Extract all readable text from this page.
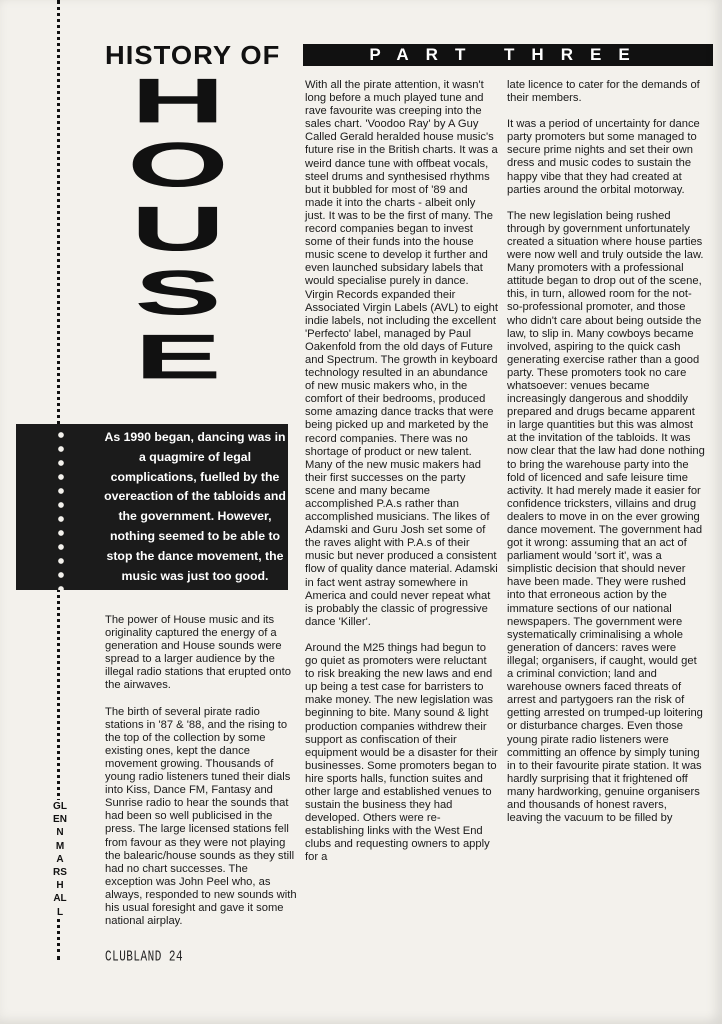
GLENN MARSHALL
HISTORY OF	PART THREE
H
O
U
S
E
As 1990 began, dancing was in a quagmire of legal complications, fuelled by the overeaction of the tabloids and the government. However, nothing seemed to be able to stop the dance movement, the music was just too good.

The power of House music and its originality captured the energy of a generation and House sounds were spread to a larger audience by the illegal radio stations that erupted onto the airwaves.

The birth of several pirate radio stations in '87 & '88, and the rising to the top of the collection by some existing ones, kept the dance movement growing. Thousands of young radio listeners tuned their dials into Kiss, Dance FM, Fantasy and Sunrise radio to hear the sounds that had been so well publicised in the press. The large licensed stations fell from favour as they were not playing the balearic/house sounds as they still had no chart successes. The exception was John Peel who, as always, responded to new sounds with his usual foresight and gave it some national airplay.

With all the pirate attention, it wasn't long before a much played tune and rave favourite was creeping into the sales chart. 'Voodoo Ray' by A Guy Called Gerald heralded house music's future rise in the British charts. It was a weird dance tune with offbeat vocals, steel drums and synthesised rhythms but it bubbled for most of '89 and made it into the charts - albeit only just. It was to be the first of many. The record companies began to invest some of their funds into the house music scene to develop it further and even launched subsidary labels that would specialise purely in dance. Virgin Records expanded their Associated Virgin Labels (AVL) to eight indie labels, not including the excellent 'Perfecto' label, managed by Paul Oakenfold from the old days of Future and Spectrum. The growth in keyboard technology resulted in an abundance of new music makers who, in the comfort of their bedrooms, produced some amazing dance tracks that were being picked up and marketed by the record companies. There was no shortage of product or new talent. Many of the new music makers had their first successes on the party scene and many became accomplished P.A.s rather than accomplished musicians. The likes of Adamski and Guru Josh set some of the raves alight with P.A.s of their music but never produced a consistent flow of quality dance material. Adamski in fact went astray somewhere in America and could never repeat what is probably the classic of progressive dance 'Killer'.

Around the M25 things had begun to go quiet as promoters were reluctant to risk breaking the new laws and end up being a test case for barristers to make money. The new legislation was beginning to bite. Many sound & light production companies withdrew their support as confiscation of their equipment would be a disaster for their businesses. Some promoters began to hire sports halls, function suites and other large and established venues to sustain the business they had developed. Others were re-establishing links with the West End clubs and requesting owners to apply for a

late licence to cater for the demands of their members.

It was a period of uncertainty for dance party promoters but some managed to secure prime nights and set their own dress and music codes to sustain the happy vibe that they had created at parties around the orbital motorway.

The new legislation being rushed through by government unfortunately created a situation where house parties were now well and truly outside the law. Many promoters with a professional attitude began to drop out of the scene, this, in turn, allowed room for the not-so-professional promoter, and those who didn't care about being outside the law, to slip in. Many cowboys became involved, aspiring to the quick cash generating exercise rather than a good party. These promoters took no care whatsoever: venues became increasingly dangerous and shoddily prepared and drugs became apparent in large quantities but this was almost at the invitation of the tabloids. It was now clear that the law had done nothing to bring the warehouse party into the fold of licenced and safe leisure time activity. It had merely made it easier for confidence tricksters, villains and drug dealers to move in on the ever growing dance movement. The government had got it wrong: assuming that an act of parliament would 'sort it', was a simplistic decision that should never have been made. They were rushed into that erroneous action by the immature sections of our national newspapers. The government were systematically criminalising a whole generation of dancers: raves were illegal; organisers, if caught, would get a criminal conviction; land and warehouse owners faced threats of arrest and partygoers ran the risk of getting arrested on trumped-up loitering or disturbance charges. Even those young pirate radio listeners were committing an offence by simply tuning in to their favourite pirate station. It was hardly surprising that it frightened off many hardworking, genuine organisers and thousands of honest ravers, leaving the vacuum to be filled by

CLUBLAND 24
